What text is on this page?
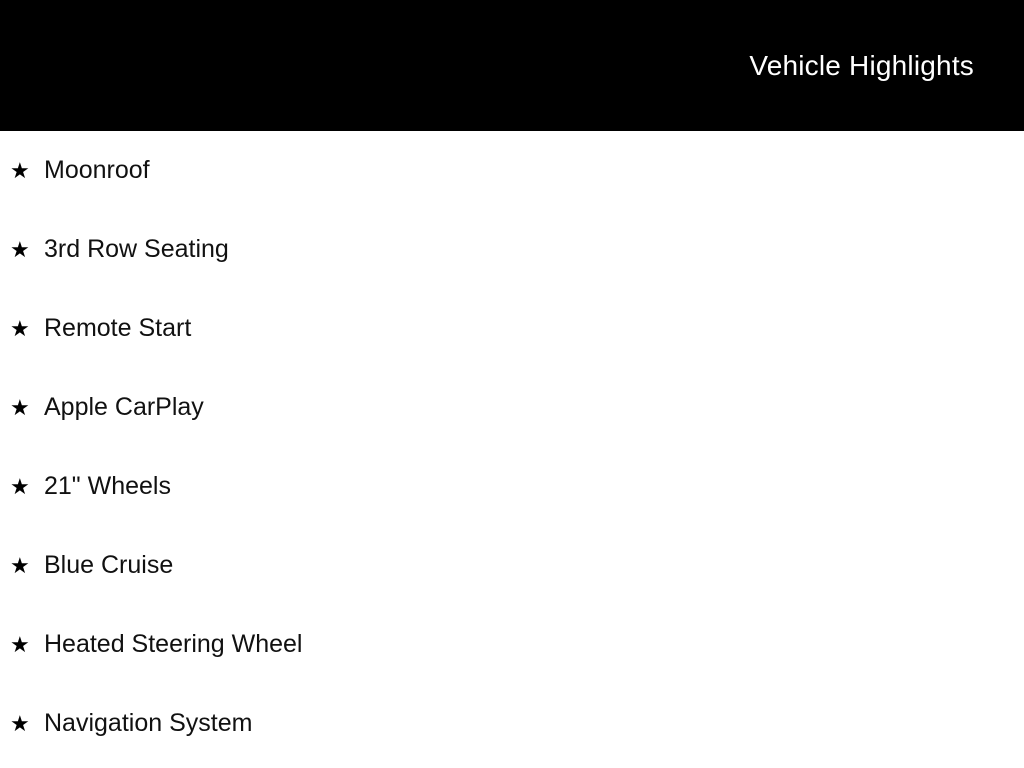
Vehicle Highlights
★ Moonroof
★ 3rd Row Seating
★ Remote Start
★ Apple CarPlay
★ 21" Wheels
★ Blue Cruise
★ Heated Steering Wheel
★ Navigation System
